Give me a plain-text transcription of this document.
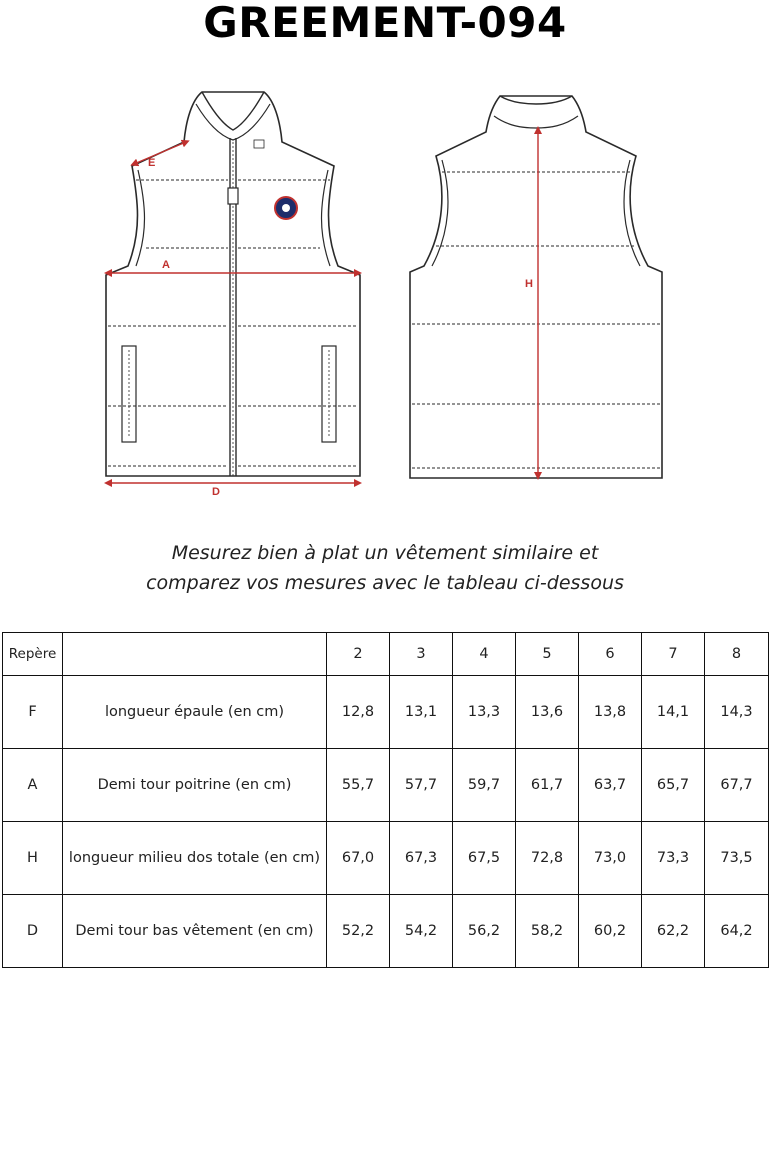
GREEMENT-094
E
A
D
H
Mesurez bien à plat un vêtement similaire et
comparez vos mesures avec le tableau ci-dessous
Repère		2	3	4	5	6	7	8
F	longueur épaule (en cm)	12,8	13,1	13,3	13,6	13,8	14,1	14,3
A	Demi tour poitrine (en cm)	55,7	57,7	59,7	61,7	63,7	65,7	67,7
H	longueur milieu dos totale (en cm)	67,0	67,3	67,5	72,8	73,0	73,3	73,5
D	Demi tour bas vêtement (en cm)	52,2	54,2	56,2	58,2	60,2	62,2	64,2
